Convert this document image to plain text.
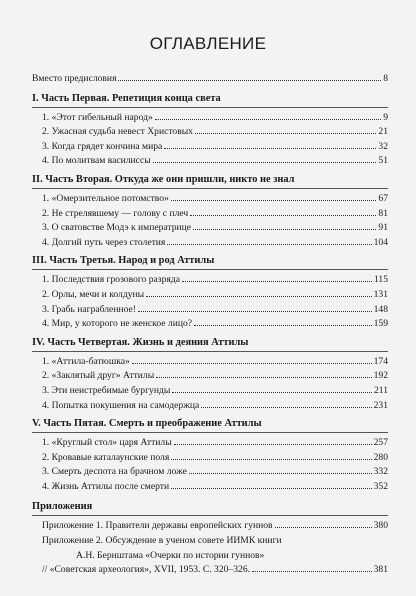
ОГЛАВЛЕНИЕ
Вместо предисловия	8
I. Часть Первая. Репетиция конца света
1. «Этот гибельный народ»	9
2. Ужасная судьба невест Христовых	21
3. Когда грядет кончина мира	32
4. По молитвам василиссы	51
II. Часть Вторая. Откуда же они пришли, никто не знал
1. «Омерзительное потомство»	67
2. Не стрелявшему — голову с плеч	81
3. О сватовстве Модэ к императрице	91
4. Долгий путь через столетия	104
III. Часть Третья. Народ и род Аттилы
1. Последствия грозового разряда	115
2. Орлы, мечи и колдуны	131
3. Грабь награбленное!	148
4. Мир, у которого не женское лицо?	159
IV. Часть Четвертая. Жизнь и деяния Аттилы
1. «Аттила-батюшка»	174
2. «Заклятый друг» Аттилы	192
3. Эти неистребимые бургунды	211
4. Попытка покушения на самодержца	231
V. Часть Пятая. Смерть и преображение Аттилы
1. «Круглый стол» царя Аттилы	257
2. Кровавые каталаунские поля	280
3. Смерть деспота на брачном ложе	332
4. Жизнь Аттилы после смерти	352
Приложения
Приложение 1. Правители державы европейских гуннов	380
Приложение 2. Обсуждение в ученом совете ИИМК книги
А.Н. Бернштама «Очерки по истории гуннов»
// «Советская археология», XVII, 1953. С. 320–326.	381
